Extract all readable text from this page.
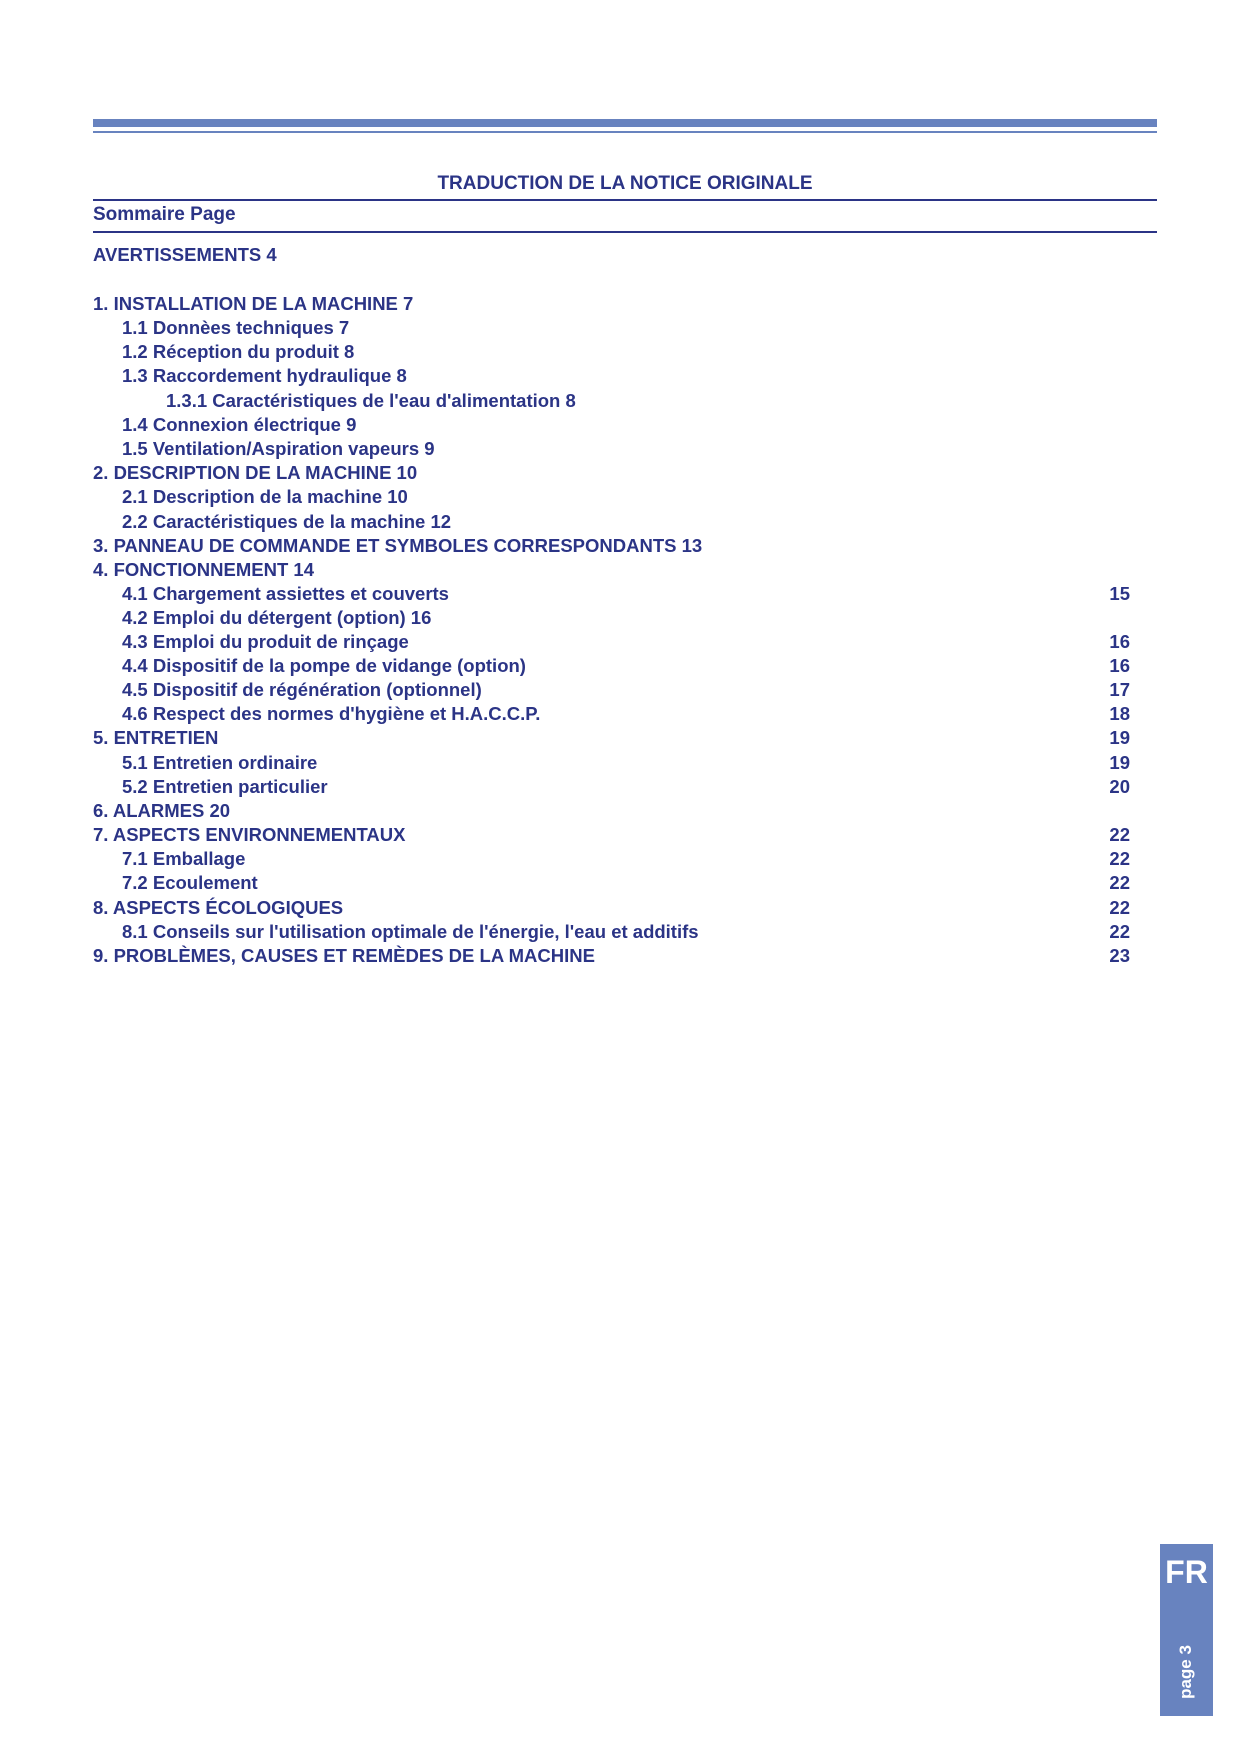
TRADUCTION DE LA NOTICE ORIGINALE
Sommaire Page
AVERTISSEMENTS 4
1. INSTALLATION DE LA MACHINE 7
1.1 Donnèes techniques 7
1.2 Réception du produit 8
1.3 Raccordement hydraulique 8
1.3.1 Caractéristiques de l'eau d'alimentation 8
1.4 Connexion électrique 9
1.5 Ventilation/Aspiration vapeurs 9
2. DESCRIPTION DE LA MACHINE 10
2.1 Description de la machine 10
2.2 Caractéristiques de la machine 12
3. PANNEAU DE COMMANDE ET SYMBOLES CORRESPONDANTS 13
4. FONCTIONNEMENT 14
4.1 Chargement assiettes et couverts	15
4.2 Emploi du détergent (option) 16
4.3 Emploi du produit de rinçage	16
4.4 Dispositif de la pompe de vidange (option)	16
4.5 Dispositif de régénération (optionnel)	17
4.6 Respect des normes d'hygiène et H.A.C.C.P.	18
5. ENTRETIEN	19
5.1 Entretien ordinaire	19
5.2 Entretien particulier	20
6. ALARMES 20
7. ASPECTS ENVIRONNEMENTAUX	22
7.1 Emballage	22
7.2 Ecoulement	22
8. ASPECTS ÉCOLOGIQUES	22
8.1 Conseils sur l'utilisation optimale de l'énergie, l'eau et additifs	22
9. PROBLÈMES, CAUSES ET REMÈDES DE LA MACHINE	23
FR
page 3
